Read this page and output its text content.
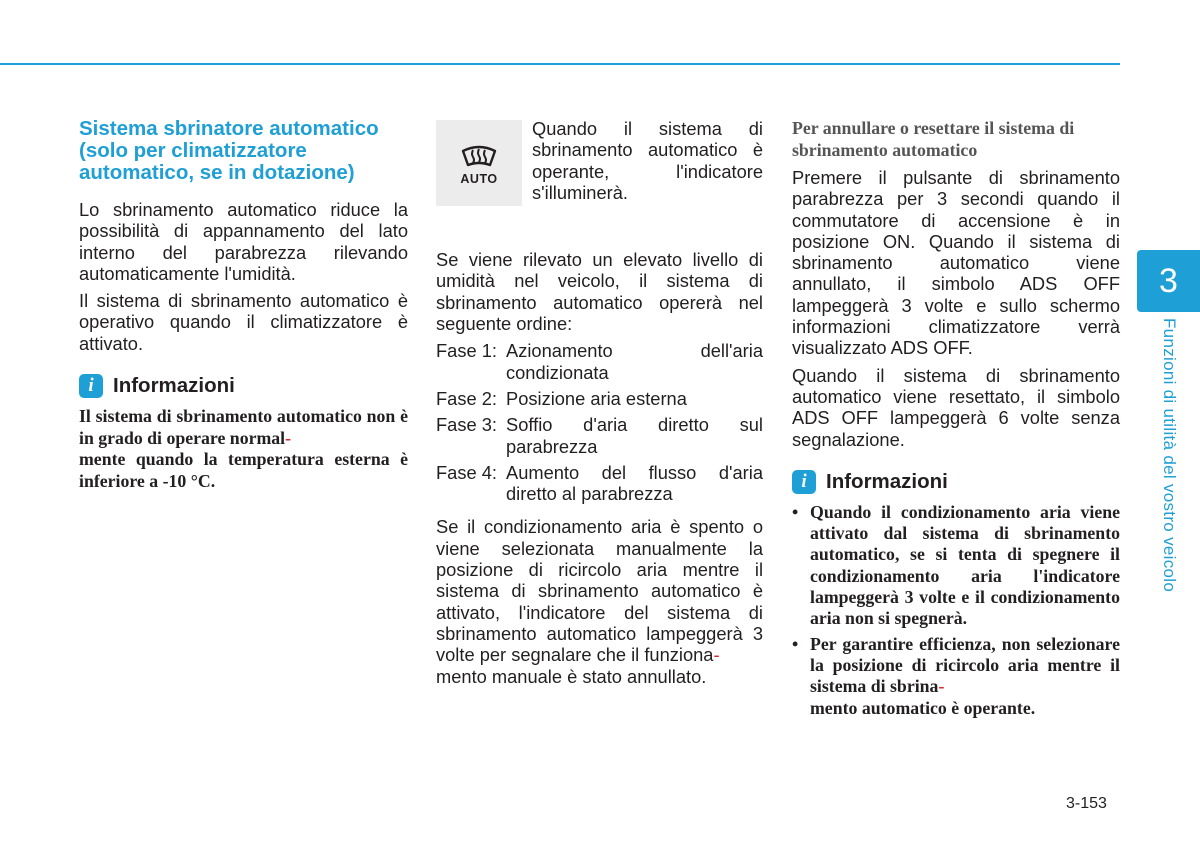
Sistema sbrinatore automatico (solo per climatizzatore automatico, se in dotazione)

Lo sbrinamento automatico riduce la possibilità di appannamento del lato interno del parabrezza rilevando automaticamente l'umidità.

Il sistema di sbrinamento automatico è operativo quando il climatizzatore è attivato.

i Informazioni

Il sistema di sbrinamento automatico non è in grado di operare normal-
mente quando la temperatura esterna è inferiore a -10 °C.

AUTO

Quando il sistema di sbrinamento automatico è operante, l'indicatore s'illuminerà.

Se viene rilevato un elevato livello di umidità nel veicolo, il sistema di sbrinamento automatico opererà nel seguente ordine:

Fase 1: Azionamento dell'aria condizionata
Fase 2: Posizione aria esterna
Fase 3: Soffio d'aria diretto sul parabrezza
Fase 4: Aumento del flusso d'aria diretto al parabrezza

Se il condizionamento aria è spento o viene selezionata manualmente la posizione di ricircolo aria mentre il sistema di sbrinamento automatico è attivato, l'indicatore del sistema di sbrinamento automatico lampeggerà 3 volte per segnalare che il funziona-
mento manuale è stato annullato.

Per annullare o resettare il sistema di sbrinamento automatico

Premere il pulsante di sbrinamento parabrezza per 3 secondi quando il commutatore di accensione è in posizione ON. Quando il sistema di sbrinamento automatico viene annullato, il simbolo ADS OFF lampeggerà 3 volte e sullo schermo informazioni climatizzatore verrà visualizzato ADS OFF.

Quando il sistema di sbrinamento automatico viene resettato, il simbolo ADS OFF lampeggerà 6 volte senza segnalazione.

i Informazioni
• Quando il condizionamento aria viene attivato dal sistema di sbrinamento automatico, se si tenta di spegnere il condizionamento aria l'indicatore lampeggerà 3 volte e il condizionamento aria non si spegnerà.
• Per garantire efficienza, non selezionare la posizione di ricircolo aria mentre il sistema di sbrina-
mento automatico è operante.
3
Funzioni di utilità del vostro veicolo
3-153
